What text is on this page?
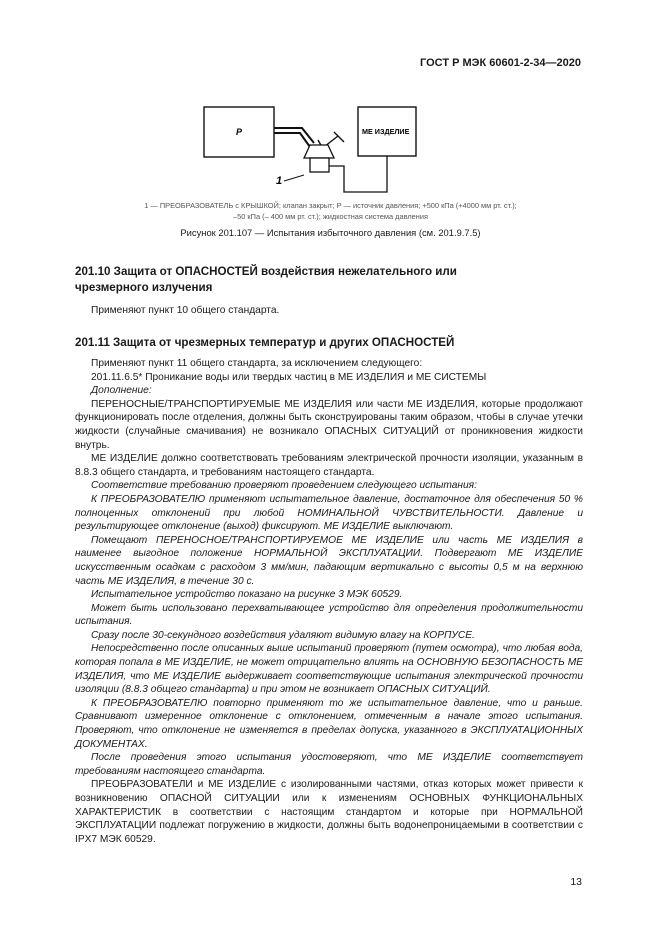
ГОСТ Р МЭК 60601-2-34—2020
P	МЕ ИЗДЕЛИЕ
1
1 — ПРЕОБРАЗОВАТЕЛЬ с КРЫШКОЙ; клапан закрыт; Р — источник давления; +500 кПа (+4000 мм рт. ст.);
–50 кПа (– 400 мм рт. ст.); жидкостная система давления
Рисунок 201.107 — Испытания избыточного давления (см. 201.9.7.5)
201.10 Защита от ОПАСНОСТЕЙ воздействия нежелательного или
чрезмерного излучения
Применяют пункт 10 общего стандарта.
201.11 Защита от чрезмерных температур и других ОПАСНОСТЕЙ
Применяют пункт 11 общего стандарта, за исключением следующего:
201.11.6.5* Проникание воды или твердых частиц в МЕ ИЗДЕЛИЯ и МЕ СИСТЕМЫ
Дополнение:
ПЕРЕНОСНЫЕ/ТРАНСПОРТИРУЕМЫЕ МЕ ИЗДЕЛИЯ или части МЕ ИЗДЕЛИЯ, которые продолжают функционировать после отделения, должны быть сконструированы таким образом, чтобы в случае утечки жидкости (случайные смачивания) не возникало ОПАСНЫХ СИТУАЦИЙ от проникновения жидкости внутрь.
МЕ ИЗДЕЛИЕ должно соответствовать требованиям электрической прочности изоляции, указанным в 8.8.3 общего стандарта, и требованиям настоящего стандарта.
Соответствие требованию проверяют проведением следующего испытания:
К ПРЕОБРАЗОВАТЕЛЮ применяют испытательное давление, достаточное для обеспечения 50 % полноценных отклонений при любой НОМИНАЛЬНОЙ ЧУВСТВИТЕЛЬНОСТИ. Давление и результирующее отклонение (выход) фиксируют. МЕ ИЗДЕЛИЕ выключают.
Помещают ПЕРЕНОСНОЕ/ТРАНСПОРТИРУЕМОЕ МЕ ИЗДЕЛИЕ или часть МЕ ИЗДЕЛИЯ в наименее выгодное положение НОРМАЛЬНОЙ ЭКСПЛУАТАЦИИ. Подвергают МЕ ИЗДЕЛИЕ искусственным осадкам с расходом 3 мм/мин, падающим вертикально с высоты 0,5 м на верхнюю часть МЕ ИЗДЕЛИЯ, в течение 30 с.
Испытательное устройство показано на рисунке 3 МЭК 60529.
Может быть использовано перехватывающее устройство для определения продолжительности испытания.
Сразу после 30-секундного воздействия удаляют видимую влагу на КОРПУСЕ.
Непосредственно после описанных выше испытаний проверяют (путем осмотра), что любая вода, которая попала в МЕ ИЗДЕЛИЕ, не может отрицательно влиять на ОСНОВНУЮ БЕЗОПАСНОСТЬ МЕ ИЗДЕЛИЯ, что МЕ ИЗДЕЛИЕ выдерживает соответствующие испытания электрической прочности изоляции (8.8.3 общего стандарта) и при этом не возникает ОПАСНЫХ СИТУАЦИЙ.
К ПРЕОБРАЗОВАТЕЛЮ повторно применяют то же испытательное давление, что и раньше. Сравнивают измеренное отклонение с отклонением, отмеченным в начале этого испытания. Проверяют, что отклонение не изменяется в пределах допуска, указанного в ЭКСПЛУАТАЦИОННЫХ ДОКУМЕНТАХ.
После проведения этого испытания удостоверяют, что МЕ ИЗДЕЛИЕ соответствует требованиям настоящего стандарта.
ПРЕОБРАЗОВАТЕЛИ и МЕ ИЗДЕЛИЕ с изолированными частями, отказ которых может привести к возникновению ОПАСНОЙ СИТУАЦИИ или к изменениям ОСНОВНЫХ ФУНКЦИОНАЛЬНЫХ ХАРАКТЕРИСТИК в соответствии с настоящим стандартом и которые при НОРМАЛЬНОЙ ЭКСПЛУАТАЦИИ подлежат погружению в жидкости, должны быть водонепроницаемыми в соответствии с IPX7 МЭК 60529.
13
